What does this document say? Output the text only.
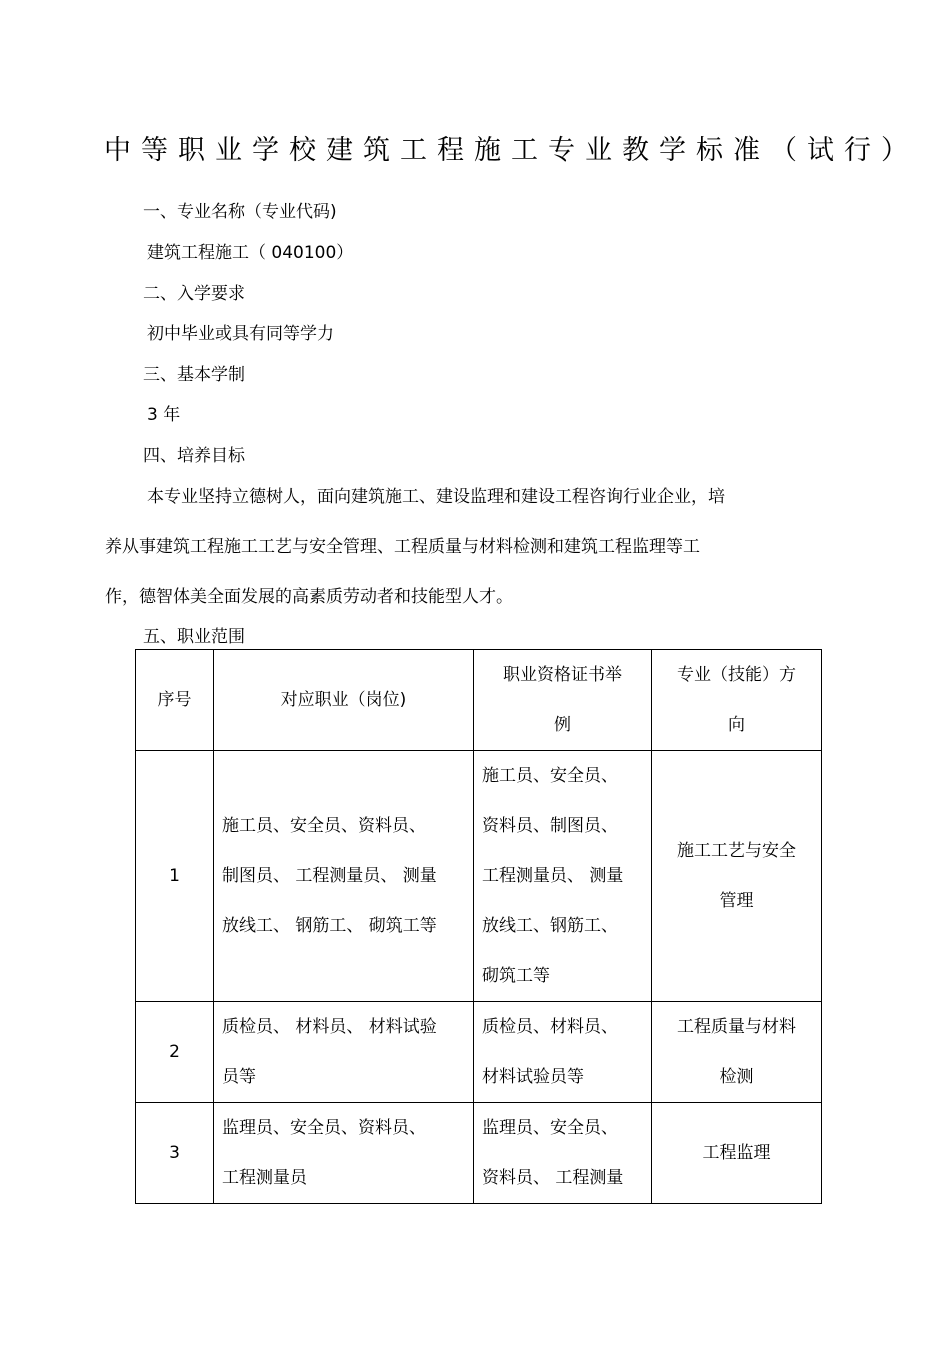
中等职业学校建筑工程施工专业教学标准（试行）
一、专业名称（专业代码)
建筑工程施工（ 040100）
二、入学要求
初中毕业或具有同等学力
三、基本学制
3 年
四、培养目标
本专业坚持立德树人，面向建筑施工、建设监理和建设工程咨询行业企业，培
养从事建筑工程施工工艺与安全管理、工程质量与材料检测和建筑工程监理等工
作，德智体美全面发展的高素质劳动者和技能型人才。
五、职业范围
序号	对应职业（岗位)	职业资格证书举
例	专业（技能）方
向

1	施工员、安全员、资料员、
制图员、 工程测量员、 测量
放线工、 钢筋工、 砌筑工等	施工员、安全员、
资料员、制图员、
工程测量员、 测量
放线工、钢筋工、
砌筑工等	施工工艺与安全
管理

2	质检员、 材料员、 材料试验
员等	质检员、材料员、
材料试验员等	工程质量与材料
检测

3	监理员、安全员、资料员、
工程测量员	监理员、安全员、
资料员、 工程测量	工程监理
